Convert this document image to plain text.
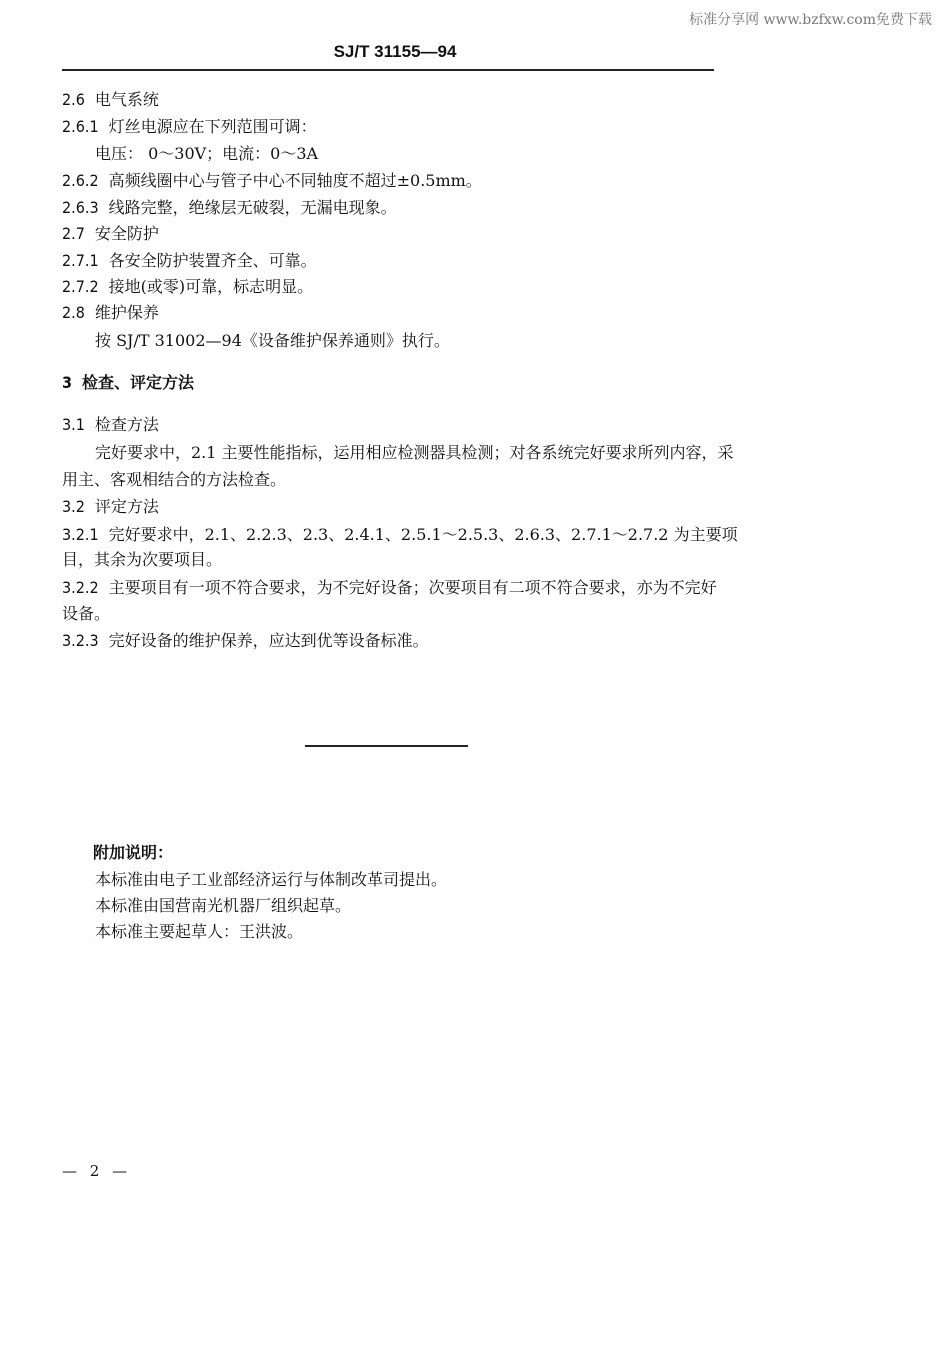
标准分享网 www.bzfxw.com免费下载
SJ/T 31155—94
2.6 电气系统
2.6.1 灯丝电源应在下列范围可调：
电压： 0～30V；电流：0～3A
2.6.2 高频线圈中心与管子中心不同轴度不超过±0.5mm。
2.6.3 线路完整，绝缘层无破裂，无漏电现象。
2.7 安全防护
2.7.1 各安全防护装置齐全、可靠。
2.7.2 接地(或零)可靠，标志明显。
2.8 维护保养
按 SJ/T 31002—94《设备维护保养通则》执行。
3 检查、评定方法
3.1 检查方法
完好要求中，2.1 主要性能指标，运用相应检测器具检测；对各系统完好要求所列内容，采
用主、客观相结合的方法检查。
3.2 评定方法
3.2.1 完好要求中，2.1、2.2.3、2.3、2.4.1、2.5.1～2.5.3、2.6.3、2.7.1～2.7.2 为主要项
目，其余为次要项目。
3.2.2 主要项目有一项不符合要求，为不完好设备；次要项目有二项不符合要求，亦为不完好
设备。
3.2.3 完好设备的维护保养，应达到优等设备标准。
附加说明：
本标准由电子工业部经济运行与体制改革司提出。
本标准由国营南光机器厂组织起草。
本标准主要起草人：王洪波。
— 2 —
